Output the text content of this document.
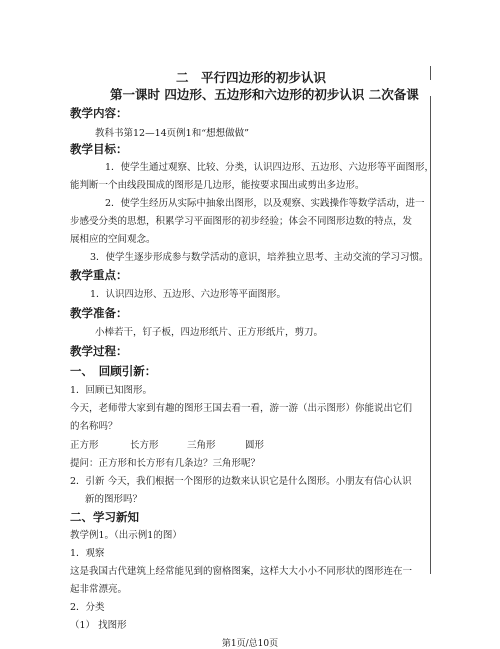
二　平行四边形的初步认识
第一课时 四边形、五边形和六边形的初步认识 二次备课
教学内容：
教科书第12—14页例1和“想想做做”
教学目标：
1．使学生通过观察、比较、分类，认识四边形、五边形、六边形等平面图形，
能判断一个由线段围成的图形是几边形，能按要求围出或剪出多边形。
2．使学生经历从实际中抽象出图形，以及观察、实践操作等数学活动，进一
步感受分类的思想，积累学习平面图形的初步经验；体会不同图形边数的特点，发
展相应的空间观念。
3．使学生逐步形成参与数学活动的意识，培养独立思考、主动交流的学习习惯。
教学重点：
1．认识四边形、五边形、六边形等平面图形。
教学准备：
小棒若干，钉子板，四边形纸片、正方形纸片，剪刀。
教学过程：
一、　回顾引新：
1．回顾已知图形。
今天，老师带大家到有趣的图形王国去看一看，游一游（出示图形）你能说出它们
的名称吗？
正方形	长方形	三角形	圆形
提问：正方形和长方形有几条边？三角形呢？
2．引新 今天，我们根据一个图形的边数来认识它是什么图形。小朋友有信心认识
新的图形吗？
二、学习新知
教学例1。（出示例1的图）
1．观察
这是我国古代建筑上经常能见到的窗格图案，这样大大小小不同形状的图形连在一
起非常漂亮。
2．分类
（1） 找图形
第1页/总10页
